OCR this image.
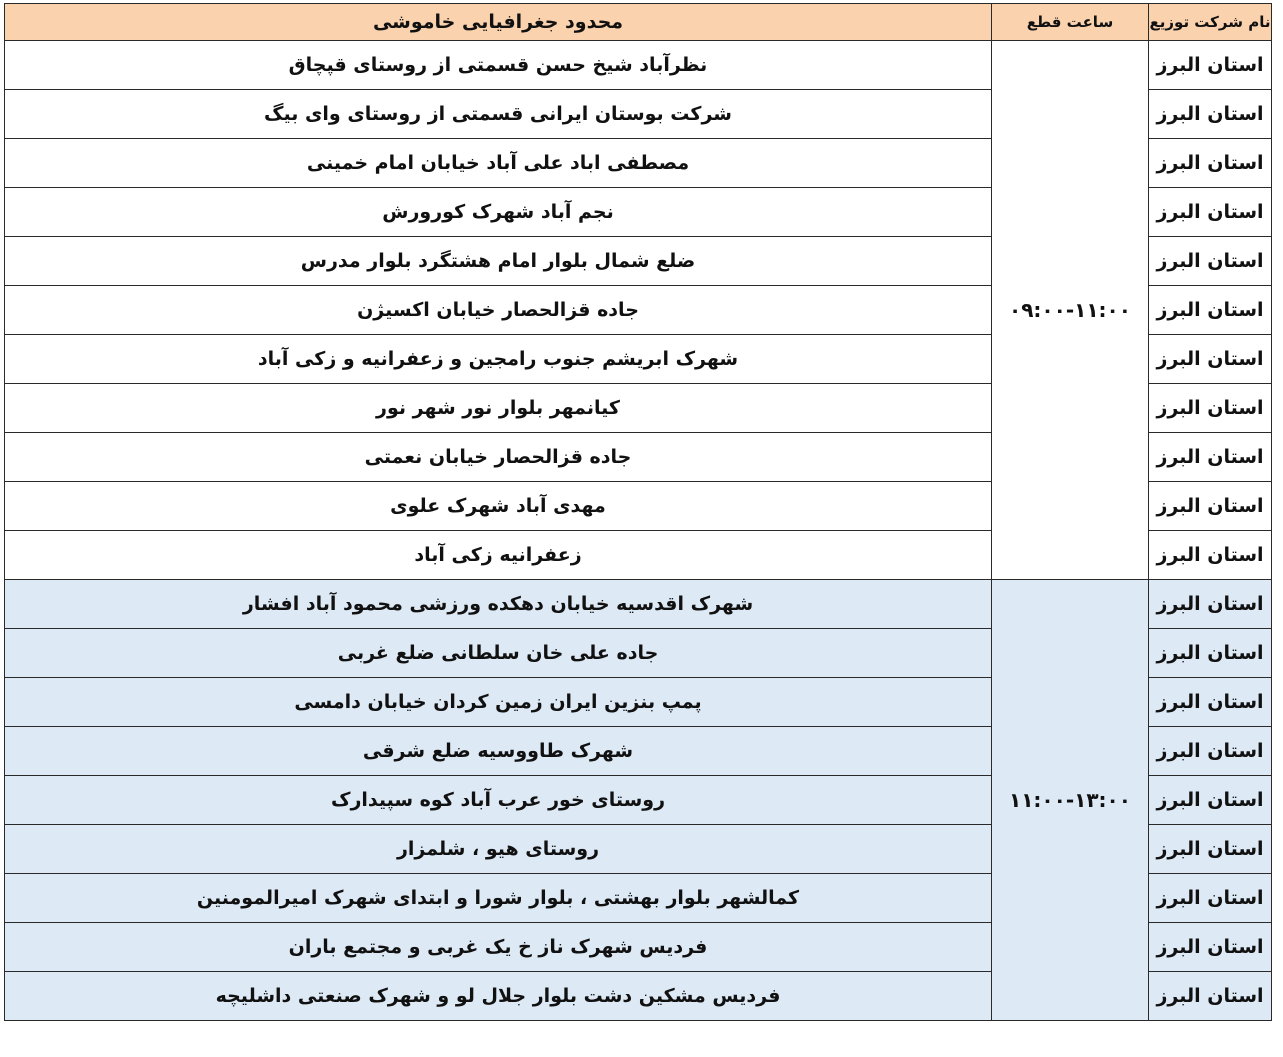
نام شرکت توزیع	ساعت قطع	محدود جغرافیایی خاموشی
استان البرز	۰۹:۰۰-۱۱:۰۰	نظرآباد شیخ حسن قسمتی از روستای قپچاق
استان البرز		شرکت بوستان ایرانی قسمتی از روستای وای بیگ
استان البرز		مصطفی اباد علی آباد خیابان امام خمینی
استان البرز		نجم آباد شهرک کورورش
استان البرز		ضلع شمال بلوار امام هشتگرد بلوار مدرس
استان البرز		جاده قزالحصار خیابان اکسیژن
استان البرز		شهرک ابریشم جنوب رامجین و زعفرانیه و زکی آباد
استان البرز		کیانمهر بلوار نور شهر نور
استان البرز		جاده قزالحصار خیابان نعمتی
استان البرز		مهدی آباد شهرک علوی
استان البرز		زعفرانیه زکی آباد
استان البرز	۱۱:۰۰-۱۳:۰۰	شهرک اقدسیه خیابان دهکده ورزشی محمود آباد افشار
استان البرز		جاده علی خان سلطانی ضلع غربی
استان البرز		پمپ بنزین ایران زمین کردان خیابان دامسی
استان البرز		شهرک طاووسیه ضلع شرقی
استان البرز		روستای خور عرب آباد کوه سپیدارک
استان البرز		روستای هیو ، شلمزار
استان البرز		کمالشهر بلوار بهشتی ، بلوار شورا و ابتدای شهرک امیرالمومنین
استان البرز		فردیس شهرک ناز خ یک غربی و مجتمع باران
استان البرز		فردیس مشکین دشت بلوار جلال لو و شهرک صنعتی داشلیچه
